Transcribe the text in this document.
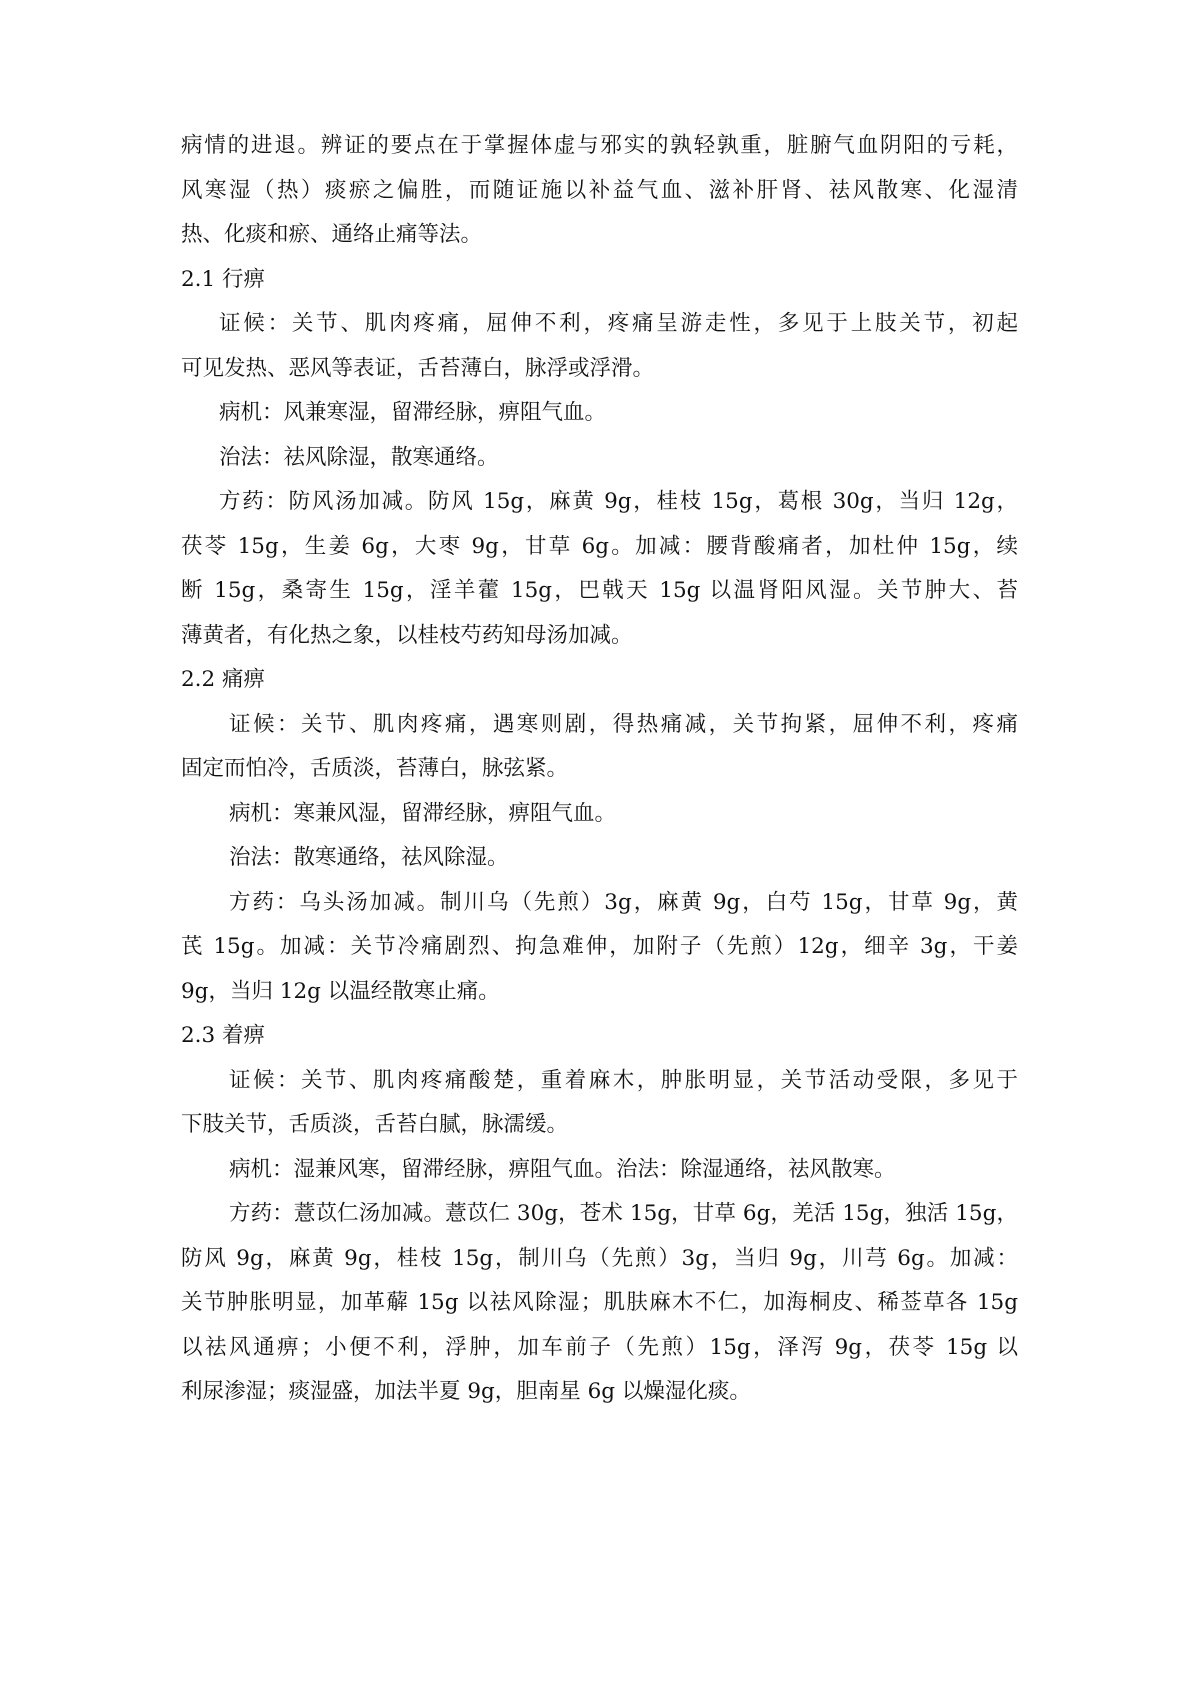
病情的进退。辨证的要点在于掌握体虚与邪实的孰轻孰重，脏腑气血阴阳的亏耗，
风寒湿（热）痰瘀之偏胜，而随证施以补益气血、滋补肝肾、祛风散寒、化湿清
热、化痰和瘀、通络止痛等法。
2.1 行痹
证候：关节、肌肉疼痛，屈伸不利，疼痛呈游走性，多见于上肢关节，初起
可见发热、恶风等表证，舌苔薄白，脉浮或浮滑。
病机：风兼寒湿，留滞经脉，痹阻气血。
治法：祛风除湿，散寒通络。
方药：防风汤加减。防风 15g，麻黄 9g，桂枝 15g，葛根 30g，当归 12g，
茯苓 15g，生姜 6g，大枣 9g，甘草 6g。加减：腰背酸痛者，加杜仲 15g，续
断 15g，桑寄生 15g，淫羊藿 15g，巴戟天 15g 以温肾阳风湿。关节肿大、苔
薄黄者，有化热之象，以桂枝芍药知母汤加减。
2.2 痛痹
证候：关节、肌肉疼痛，遇寒则剧，得热痛减，关节拘紧，屈伸不利，疼痛
固定而怕冷，舌质淡，苔薄白，脉弦紧。
病机：寒兼风湿，留滞经脉，痹阻气血。
治法：散寒通络，祛风除湿。
方药：乌头汤加减。制川乌（先煎）3g，麻黄 9g，白芍 15g，甘草 9g，黄
芪 15g。加减：关节冷痛剧烈、拘急难伸，加附子（先煎）12g，细辛 3g，干姜
9g，当归 12g 以温经散寒止痛。
2.3 着痹
证候：关节、肌肉疼痛酸楚，重着麻木，肿胀明显，关节活动受限，多见于
下肢关节，舌质淡，舌苔白腻，脉濡缓。
病机：湿兼风寒，留滞经脉，痹阻气血。治法：除湿通络，祛风散寒。
方药：薏苡仁汤加减。薏苡仁 30g，苍术 15g，甘草 6g，羌活 15g，独活 15g，
防风 9g，麻黄 9g，桂枝 15g，制川乌（先煎）3g，当归 9g，川芎 6g。加减：
关节肿胀明显，加革薢 15g 以祛风除湿；肌肤麻木不仁，加海桐皮、稀莶草各 15g
以祛风通痹；小便不利，浮肿，加车前子（先煎）15g，泽泻 9g，茯苓 15g 以
利尿渗湿；痰湿盛，加法半夏 9g，胆南星 6g 以燥湿化痰。
